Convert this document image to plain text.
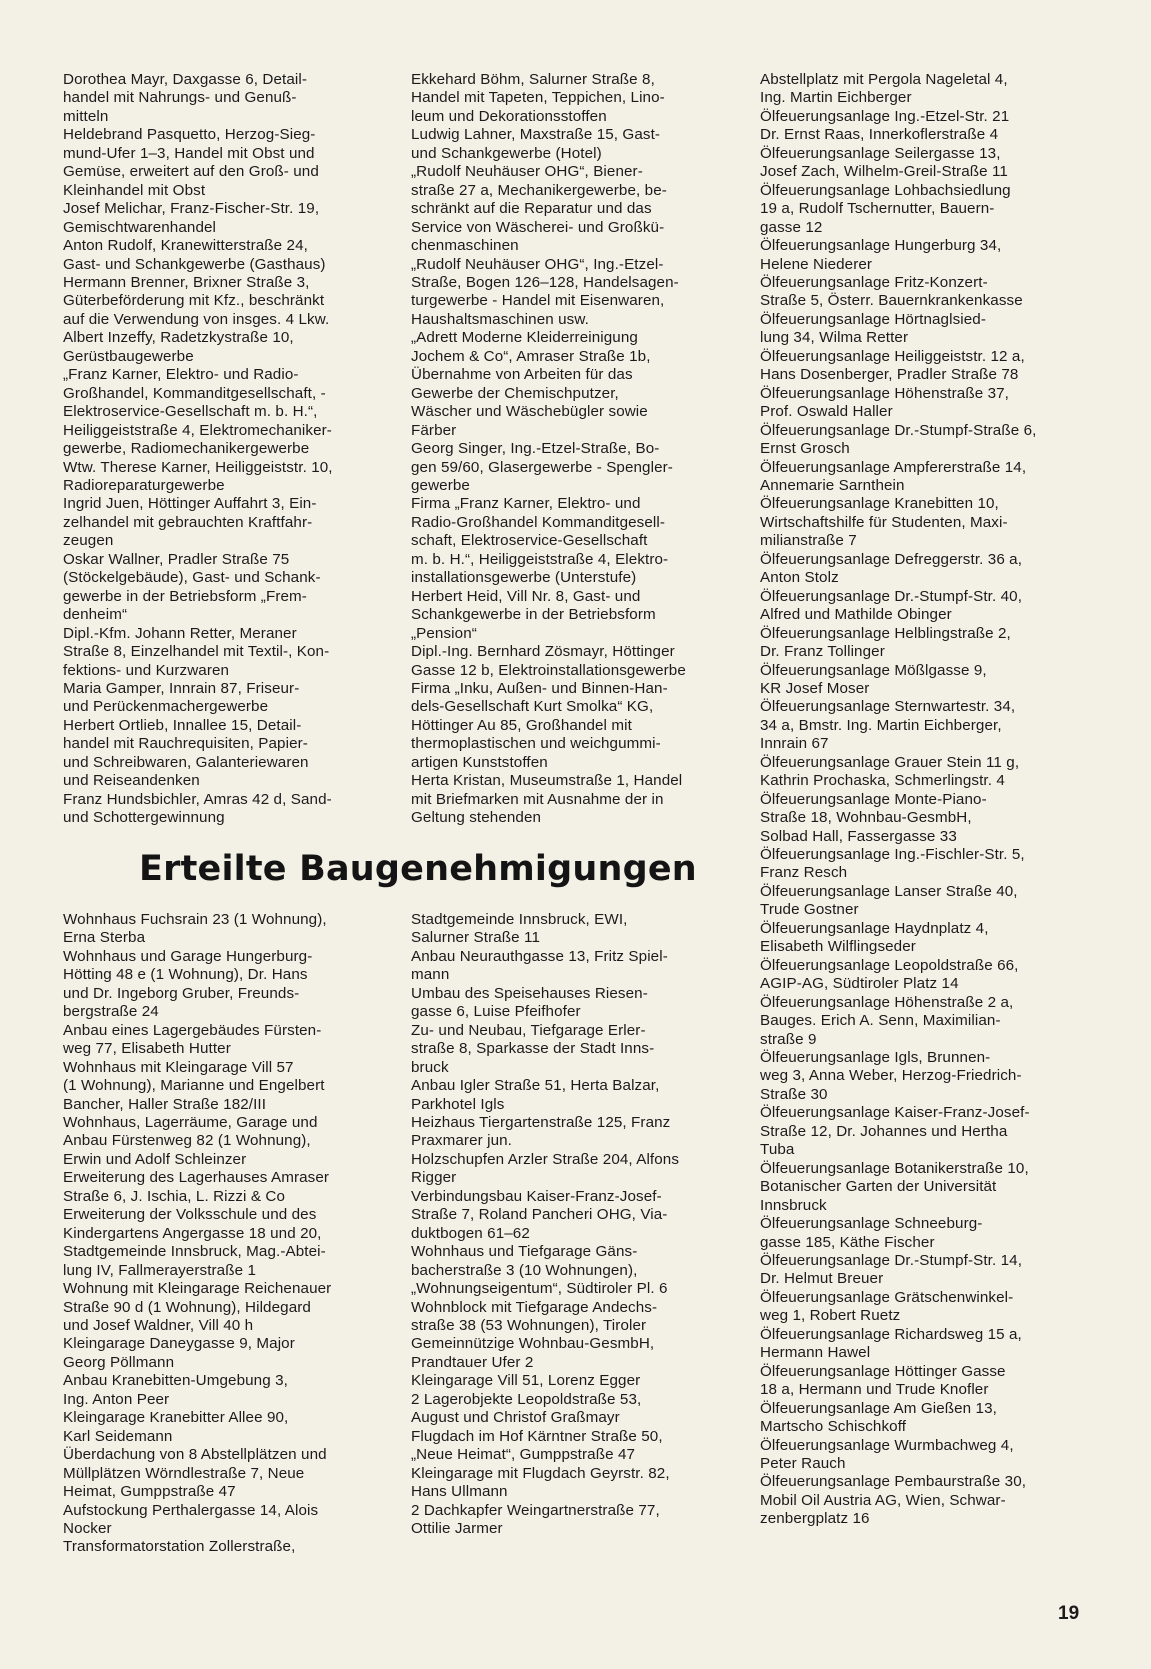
Dorothea Mayr, Daxgasse 6, Detail-
handel mit Nahrungs- und Genuß-
mitteln

Heldebrand Pasquetto, Herzog-Sieg-
mund-Ufer 1–3, Handel mit Obst und
Gemüse, erweitert auf den Groß- und
Kleinhandel mit Obst

Josef Melichar, Franz-Fischer-Str. 19,
Gemischtwarenhandel

Anton Rudolf, Kranewitterstraße 24,
Gast- und Schankgewerbe (Gasthaus)

Hermann Brenner, Brixner Straße 3,
Güterbeförderung mit Kfz., beschränkt
auf die Verwendung von insges. 4 Lkw.

Albert Inzeffy, Radetzkystraße 10,
Gerüstbaugewerbe

„Franz Karner, Elektro- und Radio-
Großhandel, Kommanditgesellschaft, -
Elektroservice-Gesellschaft m. b. H.“,
Heiliggeiststraße 4, Elektromechaniker-
gewerbe, Radiomechanikergewerbe

Wtw. Therese Karner, Heiliggeiststr. 10,
Radioreparaturgewerbe

Ingrid Juen, Höttinger Auffahrt 3, Ein-
zelhandel mit gebrauchten Kraftfahr-
zeugen

Oskar Wallner, Pradler Straße 75
(Stöckelgebäude), Gast- und Schank-
gewerbe in der Betriebsform „Frem-
denheim“

Dipl.-Kfm. Johann Retter, Meraner
Straße 8, Einzelhandel mit Textil-, Kon-
fektions- und Kurzwaren

Maria Gamper, Innrain 87, Friseur-
und Perückenmachergewerbe

Herbert Ortlieb, Innallee 15, Detail-
handel mit Rauchrequisiten, Papier-
und Schreibwaren, Galanteriewaren
und Reiseandenken

Franz Hundsbichler, Amras 42 d, Sand-
und Schottergewinnung

Ekkehard Böhm, Salurner Straße 8,
Handel mit Tapeten, Teppichen, Lino-
leum und Dekorationsstoffen

Ludwig Lahner, Maxstraße 15, Gast-
und Schankgewerbe (Hotel)

„Rudolf Neuhäuser OHG“, Biener-
straße 27 a, Mechanikergewerbe, be-
schränkt auf die Reparatur und das
Service von Wäscherei- und Großkü-
chenmaschinen

„Rudolf Neuhäuser OHG“, Ing.-Etzel-
Straße, Bogen 126–128, Handelsagen-
turgewerbe - Handel mit Eisenwaren,
Haushaltsmaschinen usw.

„Adrett Moderne Kleiderreinigung
Jochem & Co“, Amraser Straße 1b,
Übernahme von Arbeiten für das
Gewerbe der Chemischputzer,
Wäscher und Wäschebügler sowie
Färber

Georg Singer, Ing.-Etzel-Straße, Bo-
gen 59/60, Glasergewerbe - Spengler-
gewerbe

Firma „Franz Karner, Elektro- und
Radio-Großhandel Kommanditgesell-
schaft, Elektroservice-Gesellschaft
m. b. H.“, Heiliggeiststraße 4, Elektro-
installationsgewerbe (Unterstufe)

Herbert Heid, Vill Nr. 8, Gast- und
Schankgewerbe in der Betriebsform
„Pension“

Dipl.-Ing. Bernhard Zösmayr, Höttinger
Gasse 12 b, Elektroinstallationsgewerbe

Firma „Inku, Außen- und Binnen-Han-
dels-Gesellschaft Kurt Smolka“ KG,
Höttinger Au 85, Großhandel mit
thermoplastischen und weichgummi-
artigen Kunststoffen

Herta Kristan, Museumstraße 1, Handel
mit Briefmarken mit Ausnahme der in
Geltung stehenden

Abstellplatz mit Pergola Nageletal 4,
Ing. Martin Eichberger

Ölfeuerungsanlage Ing.-Etzel-Str. 21
Dr. Ernst Raas, Innerkoflerstraße 4

Ölfeuerungsanlage Seilergasse 13,
Josef Zach, Wilhelm-Greil-Straße 11

Ölfeuerungsanlage Lohbachsiedlung
19 a, Rudolf Tschernutter, Bauern-
gasse 12

Ölfeuerungsanlage Hungerburg 34,
Helene Niederer

Ölfeuerungsanlage Fritz-Konzert-
Straße 5, Österr. Bauernkrankenkasse

Ölfeuerungsanlage Hörtnaglsied-
lung 34, Wilma Retter

Ölfeuerungsanlage Heiliggeiststr. 12 a,
Hans Dosenberger, Pradler Straße 78

Ölfeuerungsanlage Höhenstraße 37,
Prof. Oswald Haller

Ölfeuerungsanlage Dr.-Stumpf-Straße 6,
Ernst Grosch

Ölfeuerungsanlage Ampfererstraße 14,
Annemarie Sarnthein

Ölfeuerungsanlage Kranebitten 10,
Wirtschaftshilfe für Studenten, Maxi-
milianstraße 7

Ölfeuerungsanlage Defreggerstr. 36 a,
Anton Stolz

Ölfeuerungsanlage Dr.-Stumpf-Str. 40,
Alfred und Mathilde Obinger

Ölfeuerungsanlage Helblingstraße 2,
Dr. Franz Tollinger

Ölfeuerungsanlage Mößlgasse 9,
KR Josef Moser

Ölfeuerungsanlage Sternwartestr. 34,
34 a, Bmstr. Ing. Martin Eichberger,
Innrain 67

Ölfeuerungsanlage Grauer Stein 11 g,
Kathrin Prochaska, Schmerlingstr. 4

Ölfeuerungsanlage Monte-Piano-
Straße 18, Wohnbau-GesmbH,
Solbad Hall, Fassergasse 33

Ölfeuerungsanlage Ing.-Fischler-Str. 5,
Franz Resch

Ölfeuerungsanlage Lanser Straße 40,
Trude Gostner

Ölfeuerungsanlage Haydnplatz 4,
Elisabeth Wilflingseder

Ölfeuerungsanlage Leopoldstraße 66,
AGIP-AG, Südtiroler Platz 14

Ölfeuerungsanlage Höhenstraße 2 a,
Bauges. Erich A. Senn, Maximilian-
straße 9

Ölfeuerungsanlage Igls, Brunnen-
weg 3, Anna Weber, Herzog-Friedrich-
Straße 30

Ölfeuerungsanlage Kaiser-Franz-Josef-
Straße 12, Dr. Johannes und Hertha
Tuba

Ölfeuerungsanlage Botanikerstraße 10,
Botanischer Garten der Universität
Innsbruck

Ölfeuerungsanlage Schneeburg-
gasse 185, Käthe Fischer

Ölfeuerungsanlage Dr.-Stumpf-Str. 14,
Dr. Helmut Breuer

Ölfeuerungsanlage Grätschenwinkel-
weg 1, Robert Ruetz

Ölfeuerungsanlage Richardsweg 15 a,
Hermann Hawel

Ölfeuerungsanlage Höttinger Gasse
18 a, Hermann und Trude Knofler

Ölfeuerungsanlage Am Gießen 13,
Martscho Schischkoff

Ölfeuerungsanlage Wurmbachweg 4,
Peter Rauch

Ölfeuerungsanlage Pembaurstraße 30,
Mobil Oil Austria AG, Wien, Schwar-
zenbergplatz 16

Erteilte Baugenehmigungen

Wohnhaus Fuchsrain 23 (1 Wohnung),
Erna Sterba

Wohnhaus und Garage Hungerburg-
Hötting 48 e (1 Wohnung), Dr. Hans
und Dr. Ingeborg Gruber, Freunds-
bergstraße 24

Anbau eines Lagergebäudes Fürsten-
weg 77, Elisabeth Hutter

Wohnhaus mit Kleingarage Vill 57
(1 Wohnung), Marianne und Engelbert
Bancher, Haller Straße 182/III

Wohnhaus, Lagerräume, Garage und
Anbau Fürstenweg 82 (1 Wohnung),
Erwin und Adolf Schleinzer

Erweiterung des Lagerhauses Amraser
Straße 6, J. Ischia, L. Rizzi & Co

Erweiterung der Volksschule und des
Kindergartens Angergasse 18 und 20,
Stadtgemeinde Innsbruck, Mag.-Abtei-
lung IV, Fallmerayerstraße 1

Wohnung mit Kleingarage Reichenauer
Straße 90 d (1 Wohnung), Hildegard
und Josef Waldner, Vill 40 h

Kleingarage Daneygasse 9, Major
Georg Pöllmann

Anbau Kranebitten-Umgebung 3,
Ing. Anton Peer

Kleingarage Kranebitter Allee 90,
Karl Seidemann

Überdachung von 8 Abstellplätzen und
Müllplätzen Wörndlestraße 7, Neue
Heimat, Gumppstraße 47

Aufstockung Perthalergasse 14, Alois
Nocker

Transformatorstation Zollerstraße,

Stadtgemeinde Innsbruck, EWI,
Salurner Straße 11

Anbau Neurauthgasse 13, Fritz Spiel-
mann

Umbau des Speisehauses Riesen-
gasse 6, Luise Pfeifhofer

Zu- und Neubau, Tiefgarage Erler-
straße 8, Sparkasse der Stadt Inns-
bruck

Anbau Igler Straße 51, Herta Balzar,
Parkhotel Igls

Heizhaus Tiergartenstraße 125, Franz
Praxmarer jun.

Holzschupfen Arzler Straße 204, Alfons
Rigger

Verbindungsbau Kaiser-Franz-Josef-
Straße 7, Roland Pancheri OHG, Via-
duktbogen 61–62

Wohnhaus und Tiefgarage Gäns-
bacherstraße 3 (10 Wohnungen),
„Wohnungseigentum“, Südtiroler Pl. 6

Wohnblock mit Tiefgarage Andechs-
straße 38 (53 Wohnungen), Tiroler
Gemeinnützige Wohnbau-GesmbH,
Prandtauer Ufer 2

Kleingarage Vill 51, Lorenz Egger

2 Lagerobjekte Leopoldstraße 53,
August und Christof Graßmayr

Flugdach im Hof Kärntner Straße 50,
„Neue Heimat“, Gumppstraße 47

Kleingarage mit Flugdach Geyrstr. 82,
Hans Ullmann

2 Dachkapfer Weingartnerstraße 77,
Ottilie Jarmer

19
